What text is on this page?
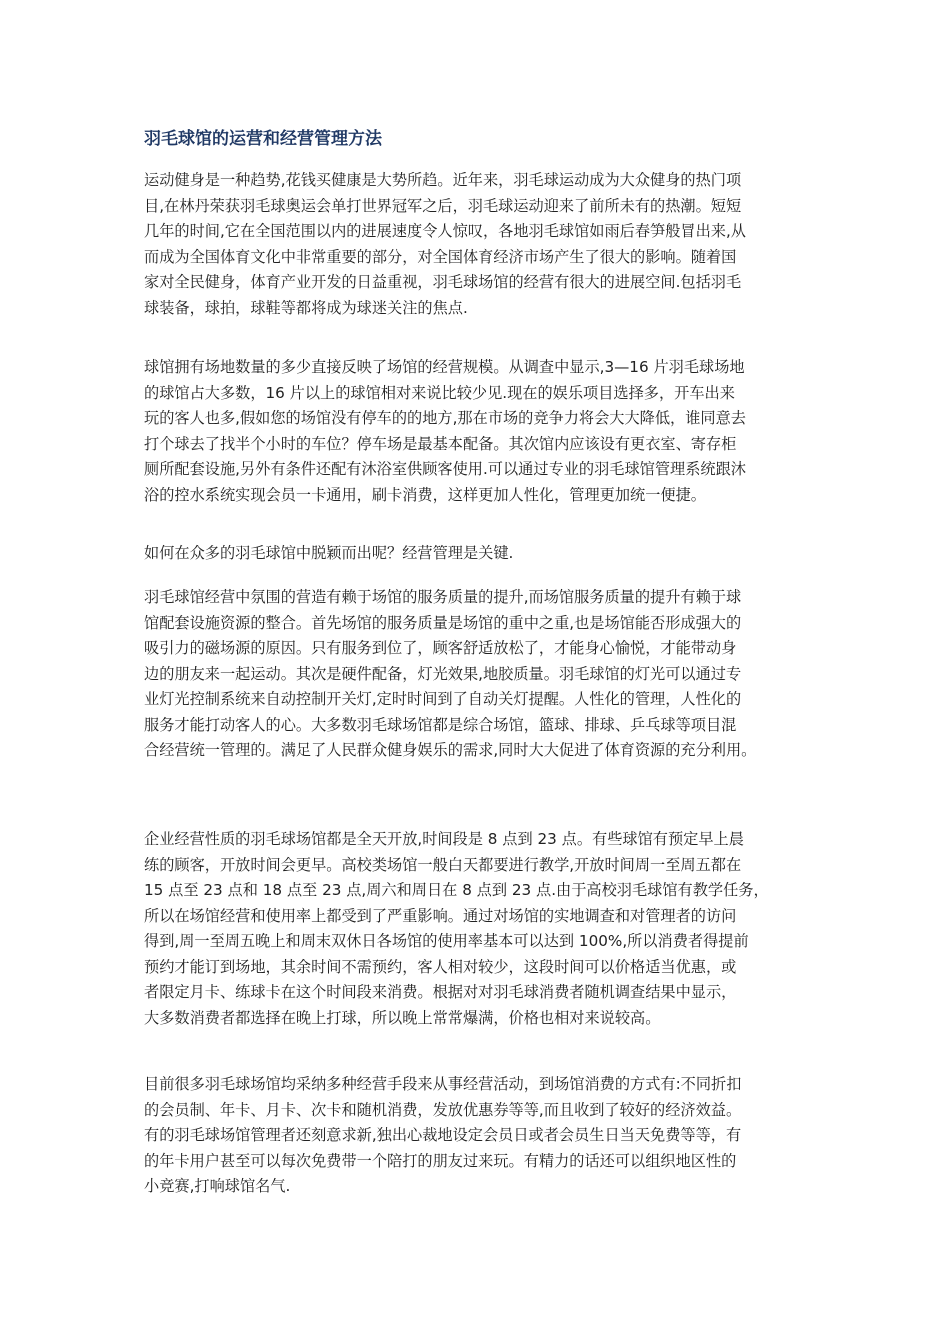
羽毛球馆的运营和经营管理方法
运动健身是一种趋势,花钱买健康是大势所趋。近年来，羽毛球运动成为大众健身的热门项
目,在林丹荣获羽毛球奥运会单打世界冠军之后，羽毛球运动迎来了前所未有的热潮。短短
几年的时间,它在全国范围以内的进展速度令人惊叹，各地羽毛球馆如雨后春笋般冒出来,从
而成为全国体育文化中非常重要的部分，对全国体育经济市场产生了很大的影响。随着国
家对全民健身，体育产业开发的日益重视，羽毛球场馆的经营有很大的进展空间.包括羽毛
球装备，球拍，球鞋等都将成为球迷关注的焦点.
球馆拥有场地数量的多少直接反映了场馆的经营规模。从调查中显示,3—16 片羽毛球场地
的球馆占大多数，16 片以上的球馆相对来说比较少见.现在的娱乐项目选择多，开车出来
玩的客人也多,假如您的场馆没有停车的的地方,那在市场的竞争力将会大大降低，谁同意去
打个球去了找半个小时的车位？停车场是最基本配备。其次馆内应该设有更衣室、寄存柜
厕所配套设施,另外有条件还配有沐浴室供顾客使用.可以通过专业的羽毛球馆管理系统跟沐
浴的控水系统实现会员一卡通用，刷卡消费，这样更加人性化，管理更加统一便捷。
如何在众多的羽毛球馆中脱颖而出呢？经营管理是关键.
羽毛球馆经营中氛围的营造有赖于场馆的服务质量的提升,而场馆服务质量的提升有赖于球
馆配套设施资源的整合。首先场馆的服务质量是场馆的重中之重,也是场馆能否形成强大的
吸引力的磁场源的原因。只有服务到位了，顾客舒适放松了，才能身心愉悦，才能带动身
边的朋友来一起运动。其次是硬件配备，灯光效果,地胶质量。羽毛球馆的灯光可以通过专
业灯光控制系统来自动控制开关灯,定时时间到了自动关灯提醒。人性化的管理，人性化的
服务才能打动客人的心。大多数羽毛球场馆都是综合场馆，篮球、排球、乒乓球等项目混
合经营统一管理的。满足了人民群众健身娱乐的需求,同时大大促进了体育资源的充分利用。
企业经营性质的羽毛球场馆都是全天开放,时间段是 8 点到 23 点。有些球馆有预定早上晨
练的顾客，开放时间会更早。高校类场馆一般白天都要进行教学,开放时间周一至周五都在
15 点至 23 点和 18 点至 23 点,周六和周日在 8 点到 23 点.由于高校羽毛球馆有教学任务，
所以在场馆经营和使用率上都受到了严重影响。通过对场馆的实地调查和对管理者的访问
得到,周一至周五晚上和周末双休日各场馆的使用率基本可以达到 100%,所以消费者得提前
预约才能订到场地，其余时间不需预约，客人相对较少，这段时间可以价格适当优惠，或
者限定月卡、练球卡在这个时间段来消费。根据对对羽毛球消费者随机调查结果中显示，
大多数消费者都选择在晚上打球，所以晚上常常爆满，价格也相对来说较高。
目前很多羽毛球场馆均采纳多种经营手段来从事经营活动，到场馆消费的方式有:不同折扣
的会员制、年卡、月卡、次卡和随机消费，发放优惠券等等,而且收到了较好的经济效益。
有的羽毛球场馆管理者还刻意求新,独出心裁地设定会员日或者会员生日当天免费等等，有
的年卡用户甚至可以每次免费带一个陪打的朋友过来玩。有精力的话还可以组织地区性的
小竞赛,打响球馆名气.
